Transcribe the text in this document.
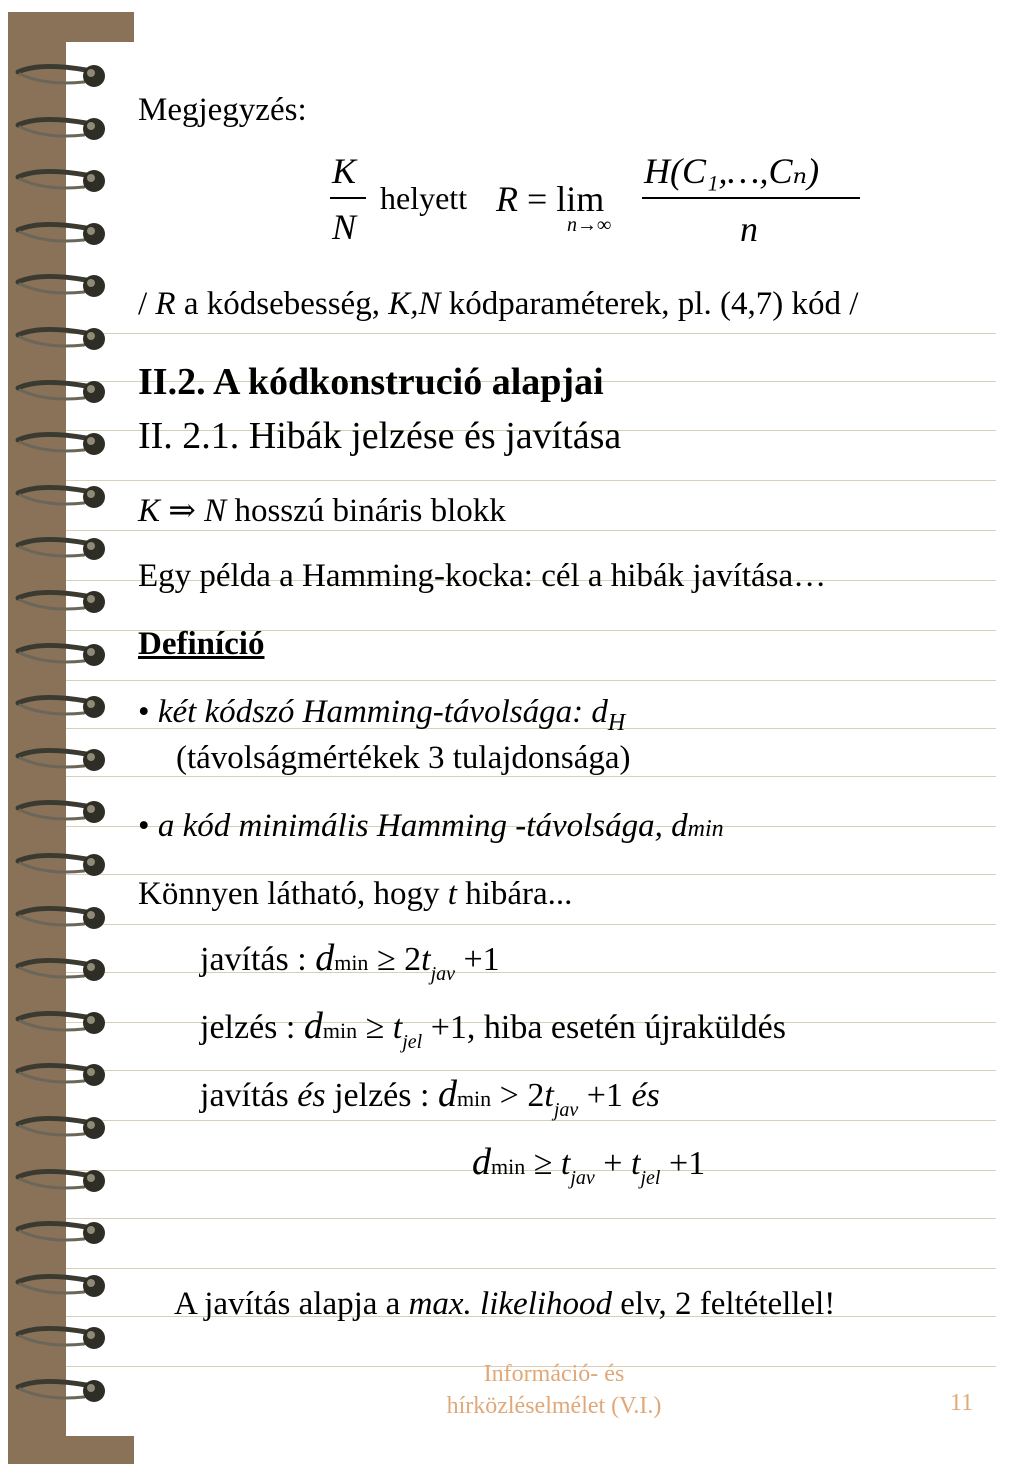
Megjegyzés:
K
N
helyett R = lim
n→∞
H(C₁,…,Cₙ)
n
/ R a kódsebesség, K,N kódparaméterek, pl. (4,7) kód /
II.2. A kódkonstrució alapjai
II. 2.1. Hibák jelzése és javítása
K ⇒ N hosszú bináris blokk
Egy példa a Hamming-kocka: cél a hibák javítása…
Definíció
• két kódszó Hamming-távolsága: $d_H$
(távolságmértékek 3 tulajdonsága)
• a kód minimális Hamming -távolsága, dmin
Könnyen látható, hogy t hibára...
javítás : $dmin \ge 2t_{jav} +1$
jelzés : $dmin \ge t_{jel} +1$, hiba esetén újraküldés
javítás és jelzés : $dmin > 2t_{jav} +1$ és
$dmin \ge t_{jav} + t_{jel} +1$
A javítás alapja a max. likelihood elv, 2 feltétellel!
Információ- és
hírközléselmélet (V.I.)	11
